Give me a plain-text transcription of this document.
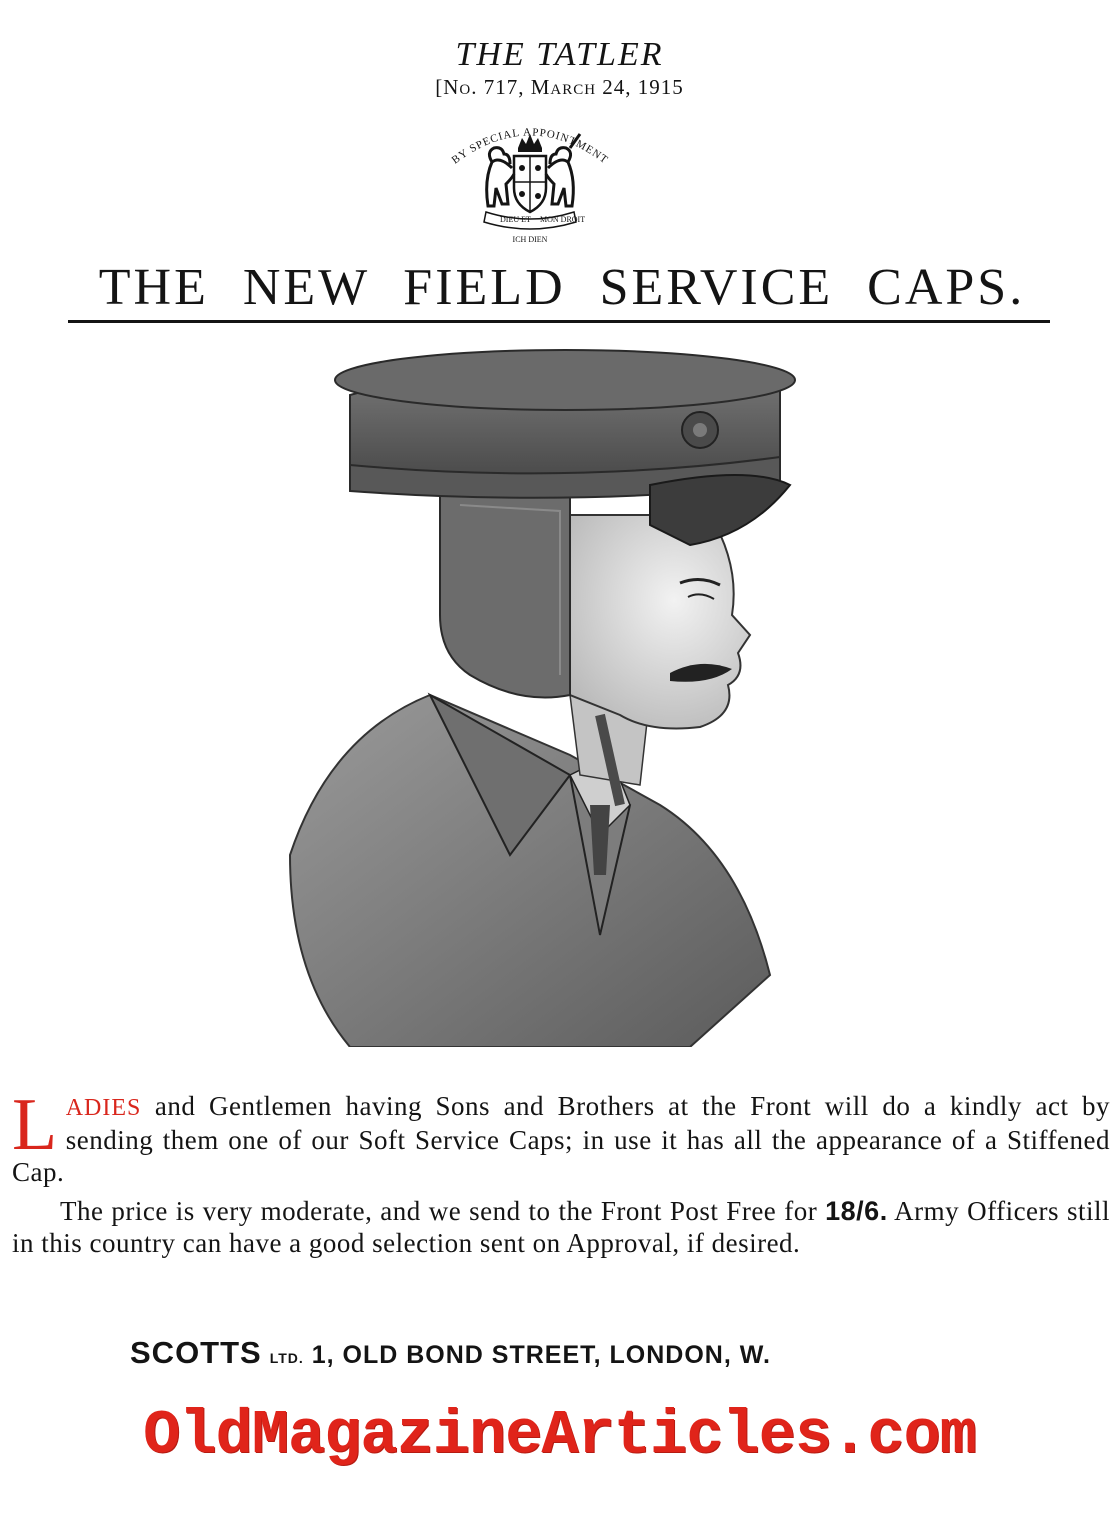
THE TATLER
[No. 717, March 24, 1915
BY SPECIAL APPOINTMENT
DIEU ET MON DROIT
ICH DIEN
THE NEW FIELD SERVICE CAPS.
LADIES and Gentlemen having Sons and Brothers at the Front will do a kindly act by sending them one of our Soft Service Caps; in use it has all the appearance of a Stiffened Cap.
The price is very moderate, and we send to the Front Post Free for 18/6. Army Officers still in this country can have a good selection sent on Approval, if desired.
SCOTTS LTD. 1, OLD BOND STREET, LONDON, W.
OldMagazineArticles.com
